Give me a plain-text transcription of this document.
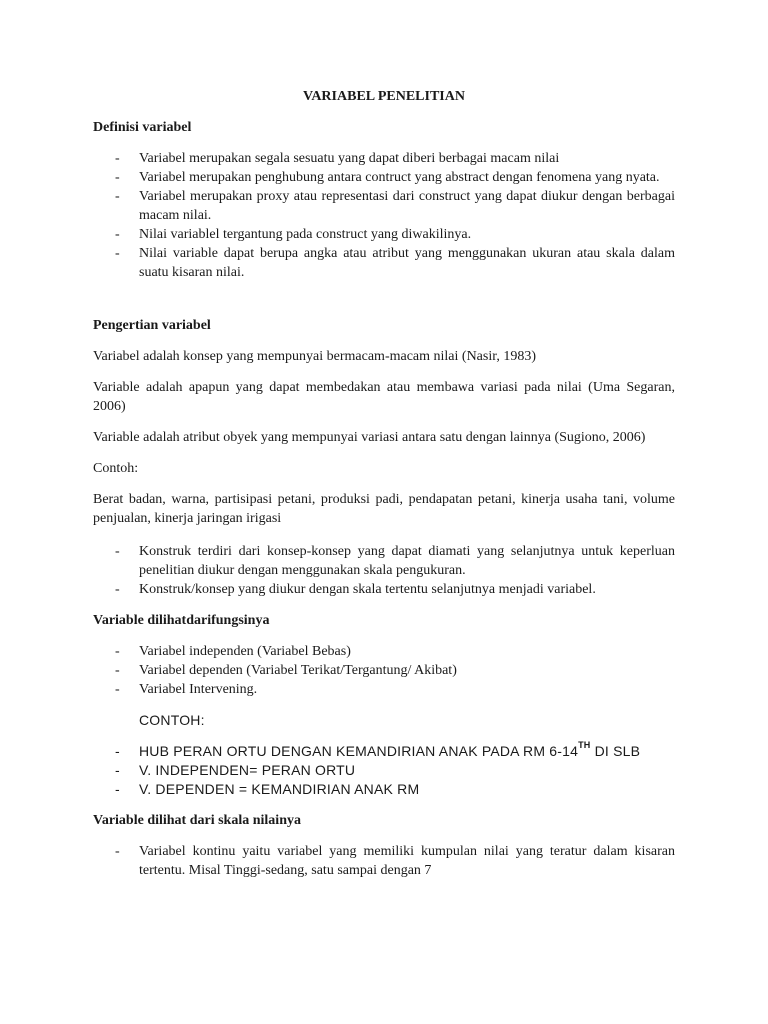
VARIABEL PENELITIAN
Definisi variabel
- Variabel merupakan segala sesuatu yang dapat diberi berbagai macam nilai
- Variabel merupakan penghubung antara contruct yang abstract dengan fenomena yang nyata.
- Variabel merupakan proxy atau representasi dari construct yang dapat diukur dengan berbagai macam nilai.
- Nilai variablel tergantung pada construct yang diwakilinya.
- Nilai variable dapat berupa angka atau atribut yang menggunakan ukuran atau skala dalam suatu kisaran nilai.
Pengertian variabel

Variabel adalah konsep yang mempunyai bermacam-macam nilai (Nasir, 1983)

Variable adalah apapun yang dapat membedakan atau membawa variasi pada nilai (Uma Segaran, 2006)

Variable adalah atribut obyek yang mempunyai variasi antara satu dengan lainnya (Sugiono, 2006)

Contoh:

Berat badan, warna, partisipasi petani, produksi padi, pendapatan petani, kinerja usaha tani, volume penjualan, kinerja jaringan irigasi

- Konstruk terdiri dari konsep-konsep yang dapat diamati yang selanjutnya untuk keperluan penelitian diukur dengan menggunakan skala pengukuran.
- Konstruk/konsep yang diukur dengan skala tertentu selanjutnya menjadi variabel.
Variable dilihatdarifungsinya
- Variabel independen (Variabel Bebas)
- Variabel dependen (Variabel Terikat/Tergantung/ Akibat)
- Variabel Intervening.

CONTOH:

- HUB PERAN ORTU DENGAN KEMANDIRIAN ANAK PADA RM 6-14TH DI SLB
- V. INDEPENDEN= PERAN ORTU
- V. DEPENDEN = KEMANDIRIAN ANAK RM
Variable dilihat dari skala nilainya
- Variabel kontinu yaitu variabel yang memiliki kumpulan nilai yang teratur dalam kisaran tertentu. Misal Tinggi-sedang, satu sampai dengan 7
